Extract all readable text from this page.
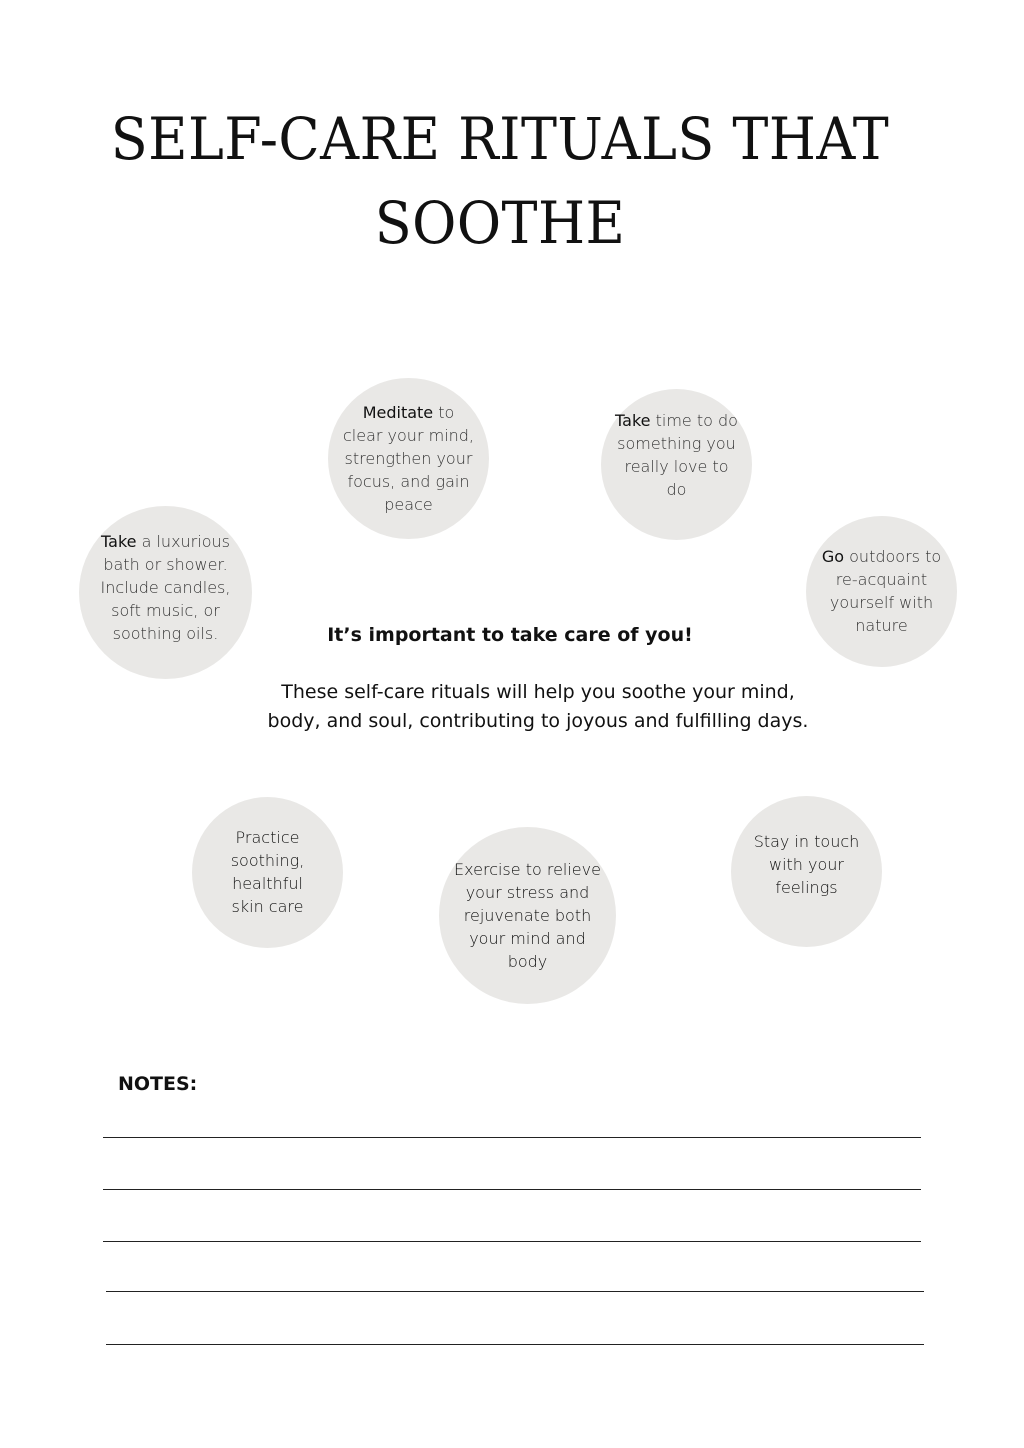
SELF-CARE RITUALS THAT
SOOTHE

Meditate to clear your mind, strengthen your focus, and gain peace

Take time to do something you really love to do

Take a luxurious bath or shower. Include candles, soft music, or soothing oils.

Go outdoors to re-acquaint yourself with nature

It’s important to take care of you!

These self-care rituals will help you soothe your mind,
body, and soul, contributing to joyous and fulfilling days.

Practice soothing, healthful skin care

Exercise to relieve your stress and rejuvenate both your mind and body

Stay in touch with your feelings

NOTES:
